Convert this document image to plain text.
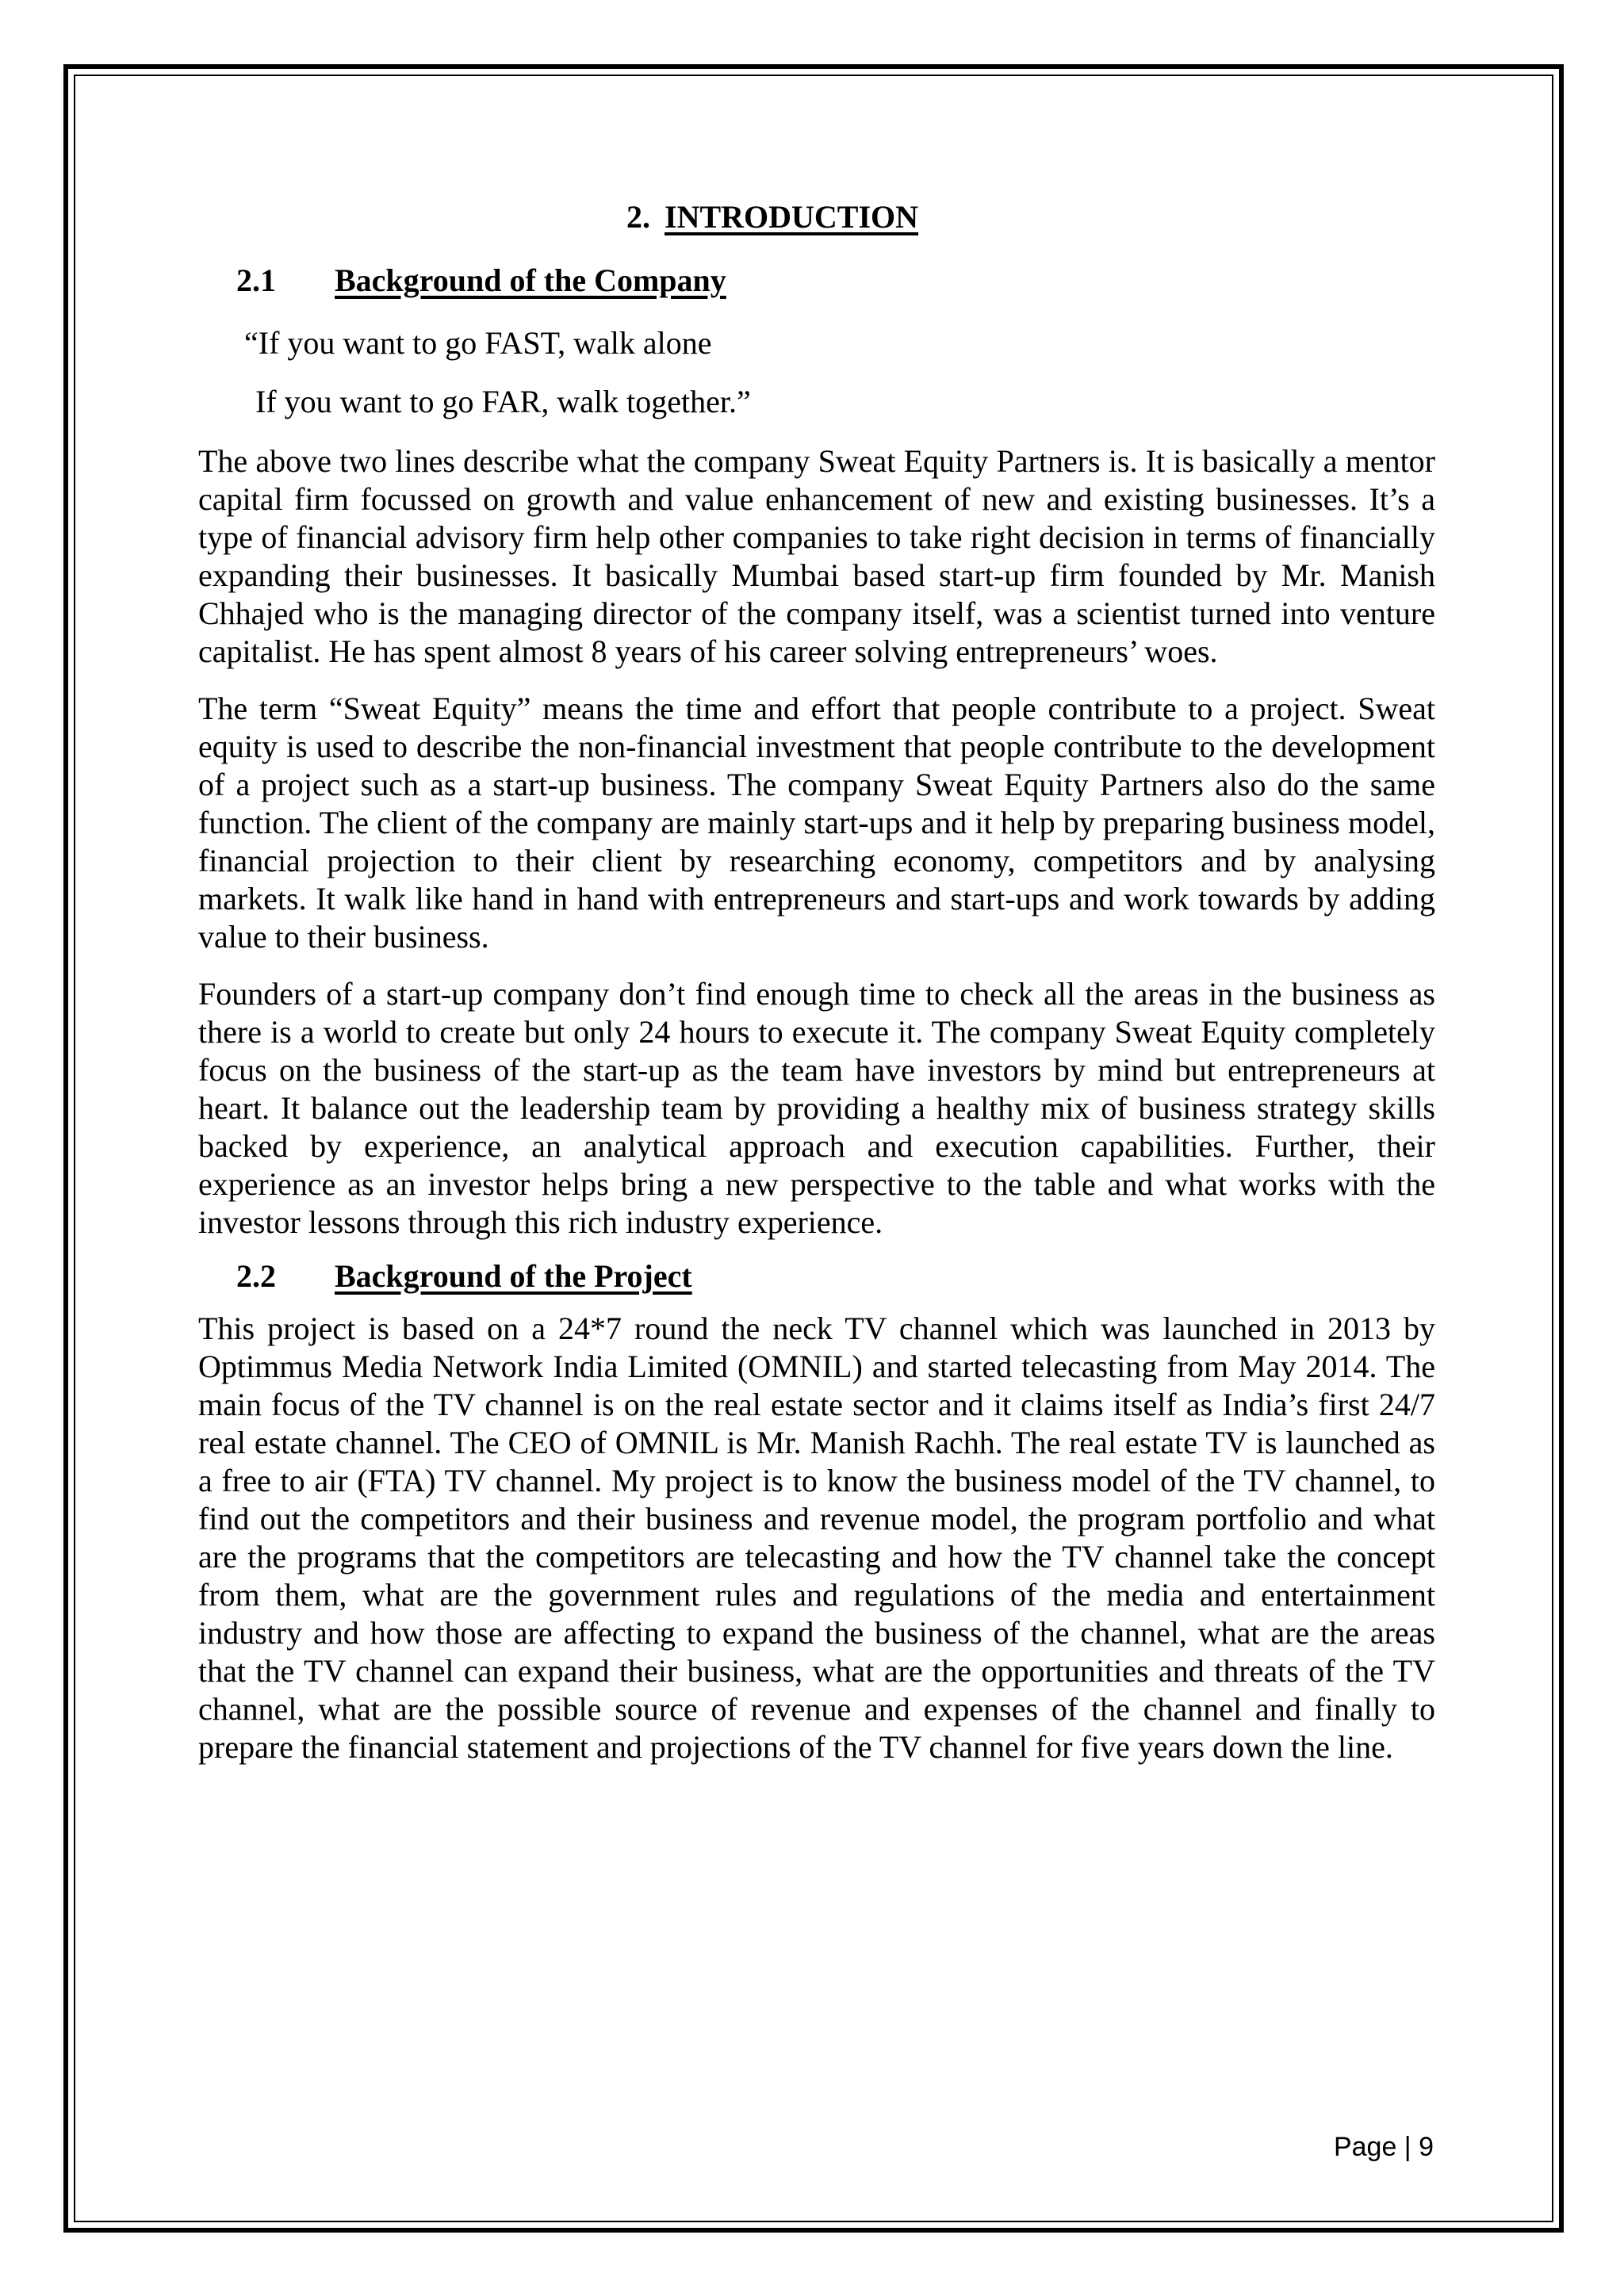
2. INTRODUCTION
2.1 Background of the Company

“If you want to go FAST, walk alone

If you want to go FAR, walk together.”

The above two lines describe what the company Sweat Equity Partners is. It is basically a mentor capital firm focussed on growth and value enhancement of new and existing businesses. It’s a type of financial advisory firm help other companies to take right decision in terms of financially expanding their businesses. It basically Mumbai based start-up firm founded by Mr. Manish Chhajed who is the managing director of the company itself, was a scientist turned into venture capitalist. He has spent almost 8 years of his career solving entrepreneurs’ woes.

The term “Sweat Equity” means the time and effort that people contribute to a project. Sweat equity is used to describe the non-financial investment that people contribute to the development of a project such as a start-up business. The company Sweat Equity Partners also do the same function. The client of the company are mainly start-ups and it help by preparing business model, financial projection to their client by researching economy, competitors and by analysing markets. It walk like hand in hand with entrepreneurs and start-ups and work towards by adding value to their business.

Founders of a start-up company don’t find enough time to check all the areas in the business as there is a world to create but only 24 hours to execute it. The company Sweat Equity completely focus on the business of the start-up as the team have investors by mind but entrepreneurs at heart. It balance out the leadership team by providing a healthy mix of business strategy skills backed by experience, an analytical approach and execution capabilities. Further, their experience as an investor helps bring a new perspective to the table and what works with the investor lessons through this rich industry experience.

2.2 Background of the Project

This project is based on a 24*7 round the neck TV channel which was launched in 2013 by Optimmus Media Network India Limited (OMNIL) and started telecasting from May 2014. The main focus of the TV channel is on the real estate sector and it claims itself as India’s first 24/7 real estate channel. The CEO of OMNIL is Mr. Manish Rachh. The real estate TV is launched as a free to air (FTA) TV channel. My project is to know the business model of the TV channel, to find out the competitors and their business and revenue model, the program portfolio and what are the programs that the competitors are telecasting and how the TV channel take the concept from them, what are the government rules and regulations of the media and entertainment industry and how those are affecting to expand the business of the channel, what are the areas that the TV channel can expand their business, what are the opportunities and threats of the TV channel, what are the possible source of revenue and expenses of the channel and finally to prepare the financial statement and projections of the TV channel for five years down the line.

Page | 9
